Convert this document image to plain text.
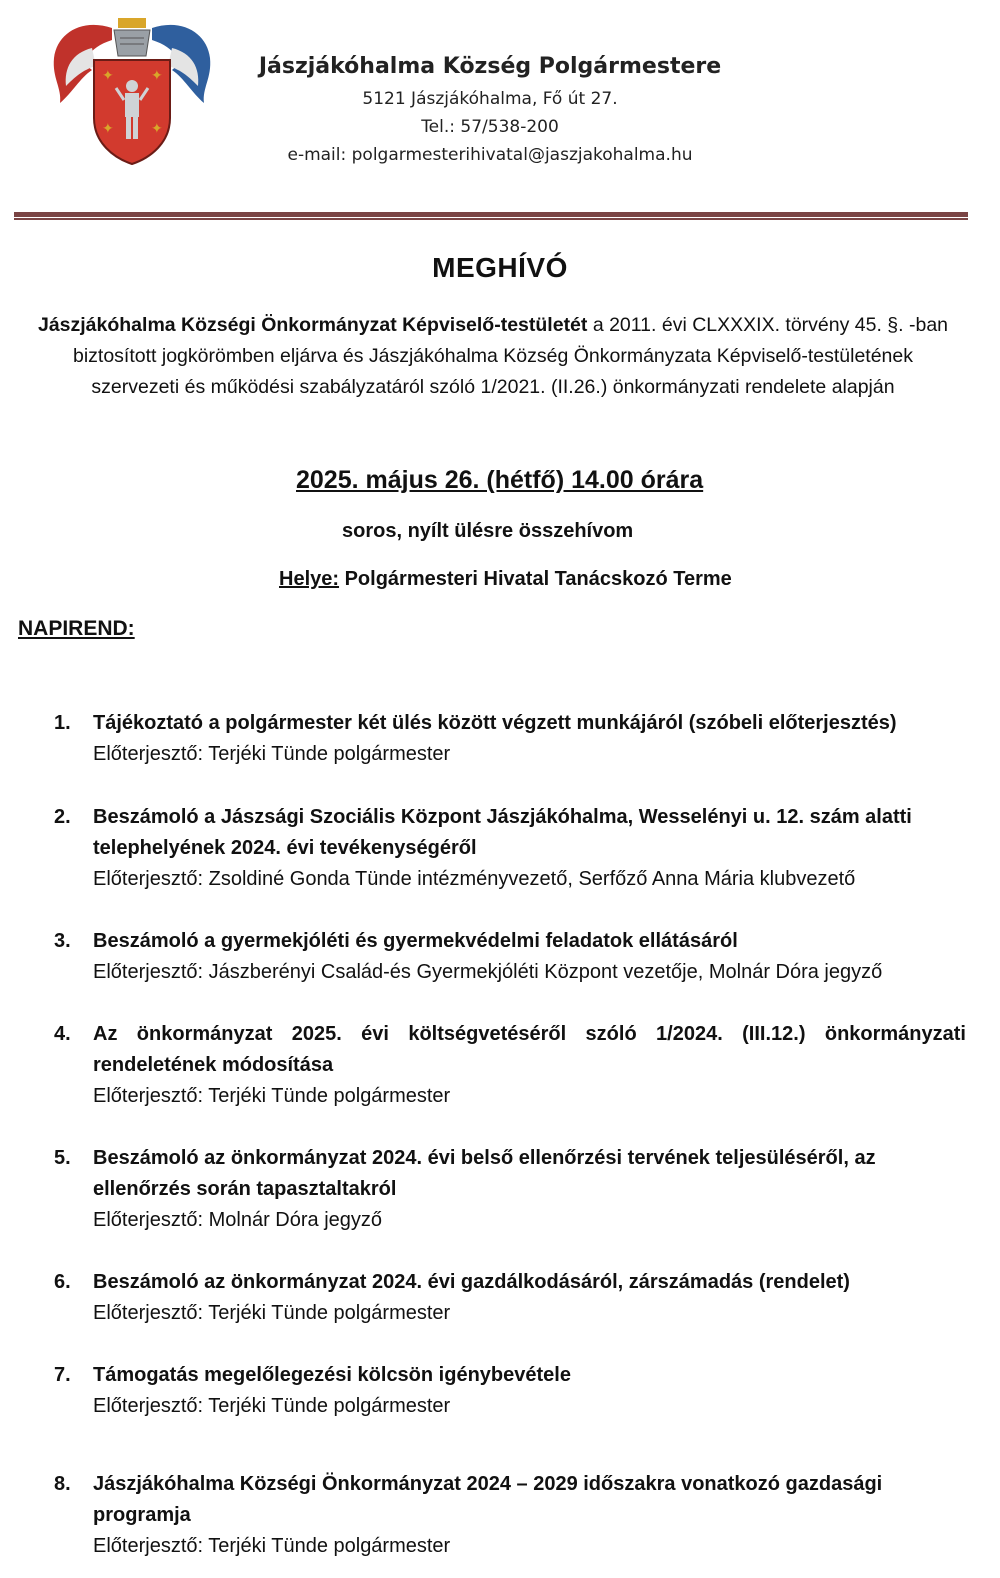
✦	✦
✦	✦
Jászjákóhalma Község Polgármestere
5121 Jászjákóhalma, Fő út 27.
Tel.: 57/538-200
e-mail: polgarmesterihivatal@jaszjakohalma.hu
MEGHÍVÓ
Jászjákóhalma Községi Önkormányzat Képviselő-testületét a 2011. évi CLXXXIX. törvény 45. §. -ban biztosított jogkörömben eljárva és Jászjákóhalma Község Önkormányzata Képviselő-testületének szervezeti és működési szabályzatáról szóló 1/2021. (II.26.) önkormányzati rendelete alapján
2025. május 26. (hétfő) 14.00 órára
soros, nyílt ülésre összehívom
Helye: Polgármesteri Hivatal Tanácskozó Terme
NAPIREND:
1. Tájékoztató a polgármester két ülés között végzett munkájáról (szóbeli előterjesztés)
Előterjesztő: Terjéki Tünde polgármester
2. Beszámoló a Jászsági Szociális Központ Jászjákóhalma, Wesselényi u. 12. szám alatti telephelyének 2024. évi tevékenységéről
Előterjesztő: Zsoldiné Gonda Tünde intézményvezető, Serfőző Anna Mária klubvezető
3. Beszámoló a gyermekjóléti és gyermekvédelmi feladatok ellátásáról
Előterjesztő: Jászberényi Család-és Gyermekjóléti Központ vezetője, Molnár Dóra jegyző
4. Az önkormányzat 2025. évi költségvetéséről szóló 1/2024. (III.12.) önkormányzati rendeletének módosítása
Előterjesztő: Terjéki Tünde polgármester
5. Beszámoló az önkormányzat 2024. évi belső ellenőrzési tervének teljesüléséről, az ellenőrzés során tapasztaltakról
Előterjesztő: Molnár Dóra jegyző
6. Beszámoló az önkormányzat 2024. évi gazdálkodásáról, zárszámadás (rendelet)
Előterjesztő: Terjéki Tünde polgármester
7. Támogatás megelőlegezési kölcsön igénybevétele
Előterjesztő: Terjéki Tünde polgármester
8. Jászjákóhalma Községi Önkormányzat 2024 – 2029 időszakra vonatkozó gazdasági programja
Előterjesztő: Terjéki Tünde polgármester
